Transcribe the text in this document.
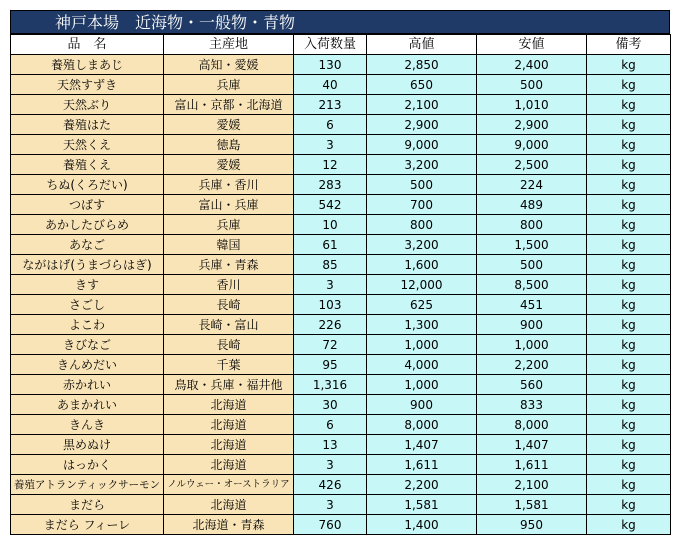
神戸本場　近海物・一般物・青物
品　名	主産地	入荷数量	高値	安値	備考
養殖しまあじ	高知・愛媛	130	2,850	2,400	kg
天然すずき	兵庫	40	650	500	kg
天然ぶり	富山・京都・北海道	213	2,100	1,010	kg
養殖はた	愛媛	6	2,900	2,900	kg
天然くえ	徳島	3	9,000	9,000	kg
養殖くえ	愛媛	12	3,200	2,500	kg
ちぬ(くろだい)	兵庫・香川	283	500	224	kg
つばす	富山・兵庫	542	700	489	kg
あかしたびらめ	兵庫	10	800	800	kg
あなご	韓国	61	3,200	1,500	kg
ながはげ(うまづらはぎ)	兵庫・青森	85	1,600	500	kg
きす	香川	3	12,000	8,500	kg
さごし	長崎	103	625	451	kg
よこわ	長崎・富山	226	1,300	900	kg
きびなご	長崎	72	1,000	1,000	kg
きんめだい	千葉	95	4,000	2,200	kg
赤かれい	鳥取・兵庫・福井他	1,316	1,000	560	kg
あまかれい	北海道	30	900	833	kg
きんき	北海道	6	8,000	8,000	kg
黒めぬけ	北海道	13	1,407	1,407	kg
はっかく	北海道	3	1,611	1,611	kg
養殖アトランティックサーモン	ノルウェー・オーストラリア	426	2,200	2,100	kg
まだら	北海道	3	1,581	1,581	kg
まだら フィーレ	北海道・青森	760	1,400	950	kg
